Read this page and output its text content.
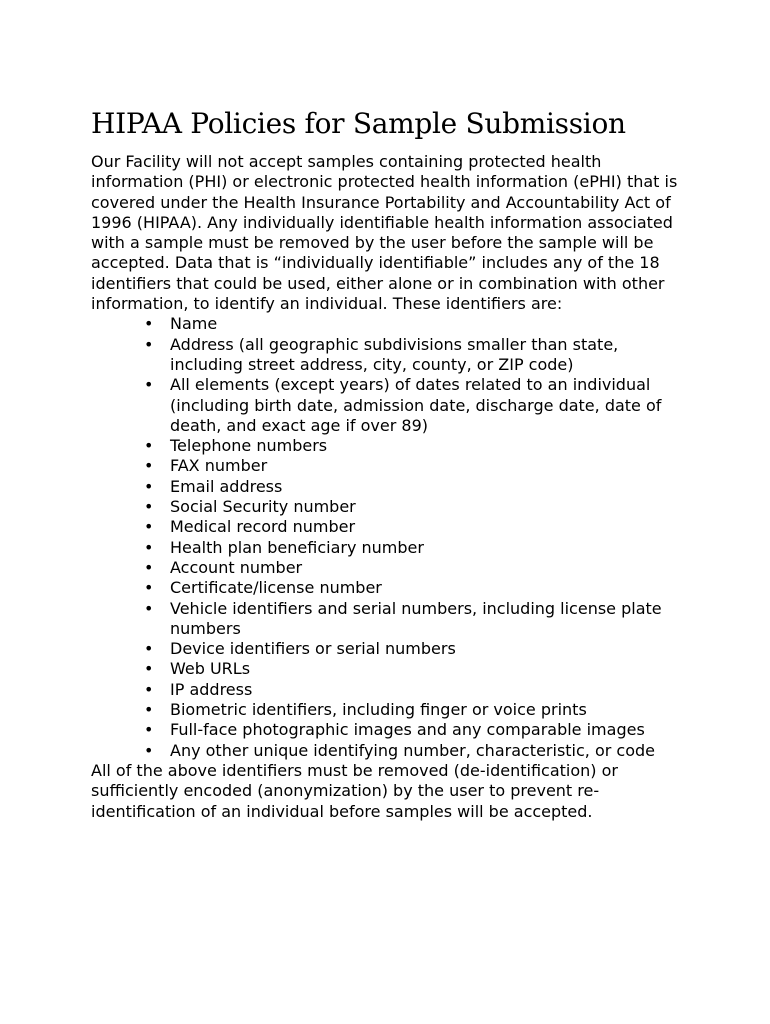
HIPAA Policies for Sample Submission

Our Facility will not accept samples containing protected health information (PHI) or electronic protected health information (ePHI) that is covered under the Health Insurance Portability and Accountability Act of 1996 (HIPAA). Any individually identifiable health information associated with a sample must be removed by the user before the sample will be accepted. Data that is “individually identifiable” includes any of the 18 identifiers that could be used, either alone or in combination with other information, to identify an individual. These identifiers are:

• Name
• Address (all geographic subdivisions smaller than state, including street address, city, county, or ZIP code)
• All elements (except years) of dates related to an individual (including birth date, admission date, discharge date, date of death, and exact age if over 89)
• Telephone numbers
• FAX number
• Email address
• Social Security number
• Medical record number
• Health plan beneficiary number
• Account number
• Certificate/license number
• Vehicle identifiers and serial numbers, including license plate numbers
• Device identifiers or serial numbers
• Web URLs
• IP address
• Biometric identifiers, including finger or voice prints
• Full-face photographic images and any comparable images
• Any other unique identifying number, characteristic, or code

All of the above identifiers must be removed (de-identification) or sufficiently encoded (anonymization) by the user to prevent re-identification of an individual before samples will be accepted.
